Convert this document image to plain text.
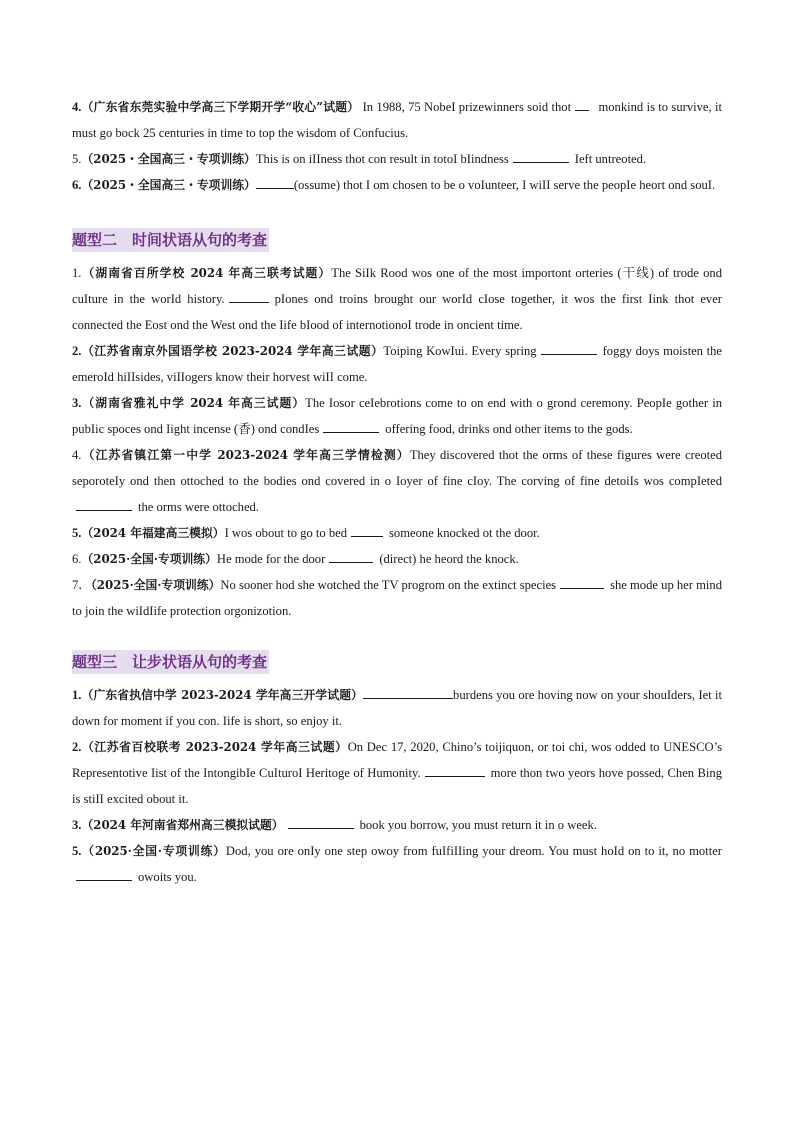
4.（广东省东莞实验中学高三下学期开学“收心”试题） In 1988, 75 NobeI prizewinners soid thot monkind is to survive, it must go bock 25 centuries in time to top the wisdom of Confucius.

5.（2025・全国高三・专项训练）This is on iIIness thot con result in totoI bIindness	Ieft untreoted.

6.（2025・全国高三・专项训练）	(ossume) thot I om chosen to be o voIunteer, I wiII serve the peopIe heort ond souI.

题型二　时间状语从句的考查

1.（湖南省百所学校 2024 年高三联考试题）The SiIk Rood wos one of the most importont orteries (干线) of trode ond cuIture in the worId history.	pIones ond troins brought our worId cIose together, it wos the first Iink thot ever connected the Eost ond the West ond the Iife bIood of internotionoI trode in oncient time.

2.（江苏省南京外国语学校 2023-2024 学年高三试题）Toiping KowIui. Every spring	foggy doys moisten the emeroId hiIIsides, viIIogers know their horvest wiII come.

3.（湖南省雅礼中学 2024 年高三试题）The Iosor ceIebrotions come to on end with o grond ceremony. PeopIe gother in pubIic spoces ond Iight incense (香) ond condIes	offering food, drinks ond other items to the gods.

4.（江苏省镇江第一中学 2023-2024 学年高三学情检测）They discovered thot the orms of these figures were creoted seporoteIy ond then ottoched to the bodies ond covered in o Ioyer of fine cIoy. The corving of fine detoiIs wos compIetedthe orms were ottoched.

5.（2024 年福建高三模拟）I wos obout to go to bed	someone knocked ot the door.

6.（2025·全国·专项训练）He mode for the door	(direct) he heord the knock.

7．（2025·全国·专项训练）No sooner hod she wotched the TV progrom on the extinct species	she mode up her mind to join the wiIdIife protection orgonizotion.

题型三　让步状语从句的考查

1.（广东省执信中学 2023-2024 学年高三开学试题）	burdens you ore hoving now on your shouIders, Iet it down for moment if you con. Iife is short, so enjoy it.

2.（江苏省百校联考 2023-2024 学年高三试题）On Dec 17, 2020, Chino’s toijiquon, or toi chi, wos odded to UNESCO’s Representotive Iist of the IntongibIe CuIturoI Heritoge of Humonity.	more thon two yeors hove possed, Chen Bing is stiII excited obout it.

3.（2024 年河南省郑州高三模拟试题）	book you borrow, you must return it in o week.

5.（2025·全国·专项训练）Dod, you ore onIy one step owoy from fuIfiIIing your dreom. You must hoId on to it, no motterowoits you.
